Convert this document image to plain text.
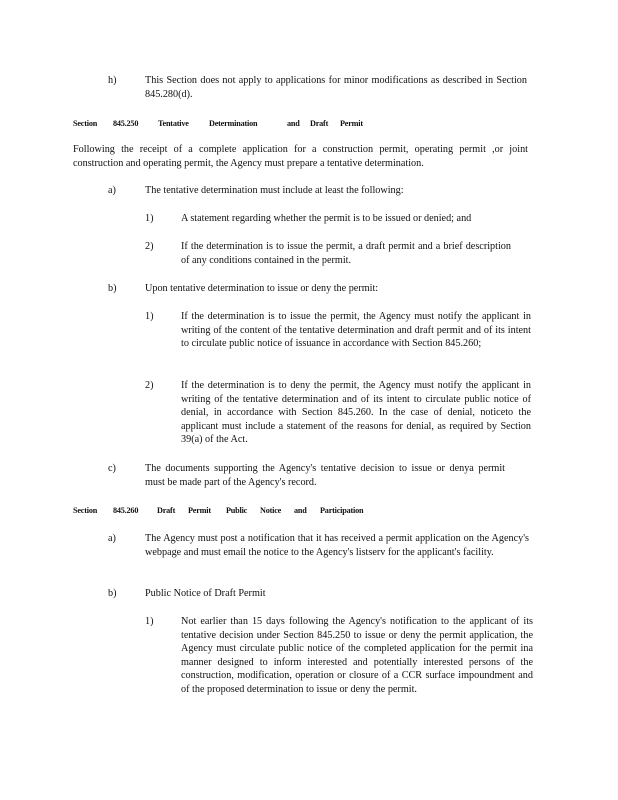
h)	This Section does not apply to applications for minor modifications as described in Section 845.280(d).
Section 845.250 Tentative Determination	and Draft Permit
Following the receipt of a complete application for a construction permit, operating permit ,or joint construction and operating permit, the Agency must prepare a tentative determination.
a)	The tentative determination must include at least the following:
1)	A statement regarding whether the permit is to be issued or denied; and
2)	If the determination is to issue the permit, a draft permit and a brief description of any conditions contained in the permit.
b)	Upon tentative determination to issue or deny the permit:
1)	If the determination is to issue the permit, the Agency must notify the applicant in writing of the content of the tentative determination and draft permit and of its intent to circulate public notice of issuance in accordance with Section 845.260;
2)	If the determination is to deny the permit, the Agency must notify the applicant in writing of the tentative determination and of its intent to circulate public notice of denial, in accordance with Section 845.260. In the case of denial, noticeto the applicant must include a statement of the reasons for denial, as required by Section 39(a) of the Act.
c)	The documents supporting the Agency's tentative decision to issue or denya permit must be made part of the Agency's record.
Section 845.260 Draft Permit Public Notice and Participation
a)	The Agency must post a notification that it has received a permit application on the Agency's webpage and must email the notice to the Agency's listserv for the applicant's facility.
b)	Public Notice of Draft Permit
1)	Not earlier than 15 days following the Agency's notification to the applicant of its tentative decision under Section 845.250 to issue or deny the permit application, the Agency must circulate public notice of the completed application for the permit ina manner designed to inform interested and potentially interested persons of the construction, modification, operation or closure of a CCR surface impoundment and of the proposed determination to issue or deny the permit.
